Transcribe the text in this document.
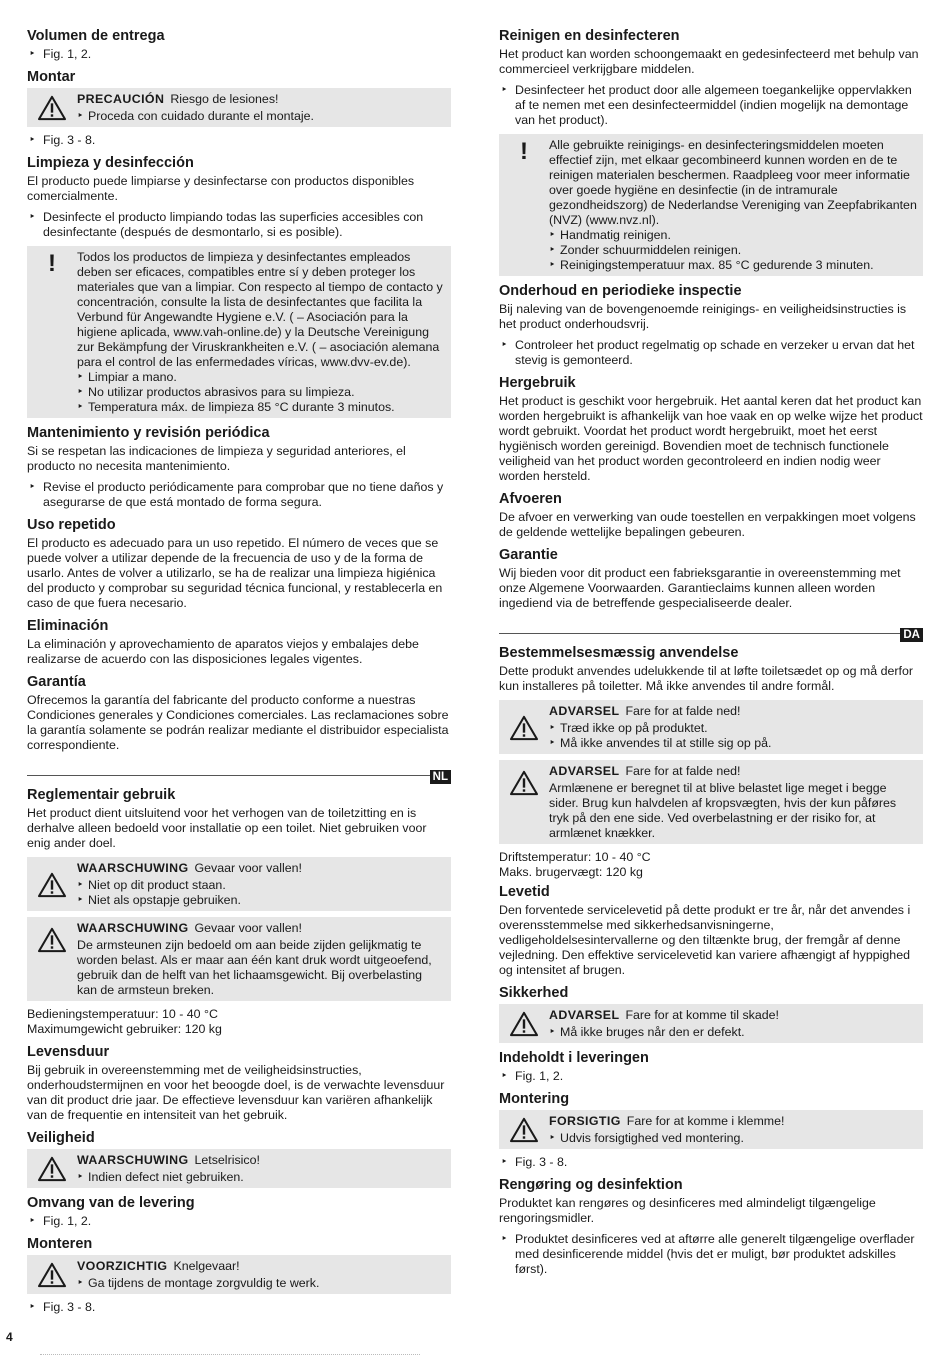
Volumen de entrega
‣ Fig. 1, 2.
Montar
PRECAUCIÓN Riesgo de lesiones!
‣ Proceda con cuidado durante el montaje.
‣ Fig. 3 - 8.
Limpieza y desinfección

El producto puede limpiarse y desinfectarse con productos disponibles comercialmente.

‣ Desinfecte el producto limpiando todas las superficies accesibles con desinfectante (después de desmontarlo, si es posible).
! Todos los productos de limpieza y desinfectantes empleados deben ser eficaces, compatibles entre sí y deben proteger los materiales que van a limpiar. Con respecto al tiempo de contacto y concentración, consulte la lista de desinfectantes que facilita la Verbund für Angewandte Hygiene e.V. ( – Asociación para la higiene aplicada, www.vah-online.de) y la Deutsche Vereinigung zur Bekämpfung der Viruskrankheiten e.V. ( – asociación alemana para el control de las enfermedades víricas, www.dvv-ev.de).

‣ Limpiar a mano.
‣ No utilizar productos abrasivos para su limpieza.
‣ Temperatura máx. de limpieza 85 °C durante 3 minutos.
Mantenimiento y revisión periódica

Si se respetan las indicaciones de limpieza y seguridad anteriores, el producto no necesita mantenimiento.

‣ Revise el producto periódicamente para comprobar que no tiene daños y asegurarse de que está montado de forma segura.
Uso repetido

El producto es adecuado para un uso repetido. El número de veces que se puede volver a utilizar depende de la frecuencia de uso y de la forma de usarlo. Antes de volver a utilizarlo, se ha de realizar una limpieza higiénica del producto y comprobar su seguridad técnica funcional, y restablecerla en caso de que fuera necesario.

Eliminación

La eliminación y aprovechamiento de aparatos viejos y embalajes debe realizarse de acuerdo con las disposiciones legales vigentes.

Garantía

Ofrecemos la garantía del fabricante del producto conforme a nuestras Condiciones generales y Condiciones comerciales. Las reclamaciones sobre la garantía solamente se podrán realizar mediante el distribuidor especialista correspondiente.

NL
Reglementair gebruik

Het product dient uitsluitend voor het verhogen van de toiletzitting en is derhalve alleen bedoeld voor installatie op een toilet. Niet gebruiken voor enig ander doel.

WAARSCHUWING Gevaar voor vallen!
‣ Niet op dit product staan.
‣ Niet als opstapje gebruiken.
WAARSCHUWING Gevaar voor vallen!

De armsteunen zijn bedoeld om aan beide zijden gelijkmatig te worden belast. Als er maar aan één kant druk wordt uitgeoefend, gebruik dan de helft van het lichaamsgewicht. Bij overbelasting kan de armsteun breken.

Bedieningstemperatuur: 10 - 40 °C

Maximumgewicht gebruiker: 120 kg

Levensduur

Bij gebruik in overeenstemming met de veiligheidsinstructies, onderhoudstermijnen en voor het beoogde doel, is de verwachte levensduur van dit product drie jaar. De effectieve levensduur kan variëren afhankelijk van de frequentie en intensiteit van het gebruik.

Veiligheid
WAARSCHUWING Letselrisico!
‣ Indien defect niet gebruiken.
Omvang van de levering
‣ Fig. 1, 2.
Monteren
VOORZICHTIG Knelgevaar!
‣ Ga tijdens de montage zorgvuldig te werk.
‣ Fig. 3 - 8.
Reinigen en desinfecteren

Het product kan worden schoongemaakt en gedesinfecteerd met behulp van commercieel verkrijgbare middelen.

‣ Desinfecteer het product door alle algemeen toegankelijke oppervlakken af te nemen met een desinfecteermiddel (indien mogelijk na demontage van het product).
! Alle gebruikte reinigings- en desinfecteringsmiddelen moeten effectief zijn, met elkaar gecombineerd kunnen worden en de te reinigen materialen beschermen. Raadpleeg voor meer informatie over goede hygiëne en desinfectie (in de intramurale gezondheidszorg) de Nederlandse Vereniging van Zeepfabrikanten (NVZ) (www.nvz.nl).

‣ Handmatig reinigen.
‣ Zonder schuurmiddelen reinigen.
‣ Reinigingstemperatuur max. 85 °C gedurende 3 minuten.
Onderhoud en periodieke inspectie

Bij naleving van de bovengenoemde reinigings- en veiligheidsinstructies is het product onderhoudsvrij.

‣ Controleer het product regelmatig op schade en verzeker u ervan dat het stevig is gemonteerd.
Hergebruik

Het product is geschikt voor hergebruik. Het aantal keren dat het product kan worden hergebruikt is afhankelijk van hoe vaak en op welke wijze het product wordt gebruikt. Voordat het product wordt hergebruikt, moet het eerst hygiënisch worden gereinigd. Bovendien moet de technisch functionele veiligheid van het product worden gecontroleerd en indien nodig weer worden hersteld.

Afvoeren

De afvoer en verwerking van oude toestellen en verpakkingen moet volgens de geldende wettelijke bepalingen gebeuren.

Garantie

Wij bieden voor dit product een fabrieksgarantie in overeenstemming met onze Algemene Voorwaarden. Garantieclaims kunnen alleen worden ingediend via de betreffende gespecialiseerde dealer.

DA
Bestemmelsesmæssig anvendelse

Dette produkt anvendes udelukkende til at løfte toiletsædet op og må derfor kun installeres på toiletter. Må ikke anvendes til andre formål.

ADVARSEL Fare for at falde ned!
‣ Træd ikke op på produktet.
‣ Må ikke anvendes til at stille sig op på.
ADVARSEL Fare for at falde ned!

Armlænene er beregnet til at blive belastet lige meget i begge sider. Brug kun halvdelen af kropsvægten, hvis der kun påføres tryk på den ene side. Ved overbelastning er der risiko for, at armlænet knækker.

Driftstemperatur: 10 - 40 °C

Maks. brugervægt: 120 kg

Levetid

Den forventede servicelevetid på dette produkt er tre år, når det anvendes i overensstemmelse med sikkerhedsanvisningerne, vedligeholdelsesintervallerne og den tiltænkte brug, der fremgår af denne vejledning. Den effektive servicelevetid kan variere afhængigt af hyppighed og intensitet af brugen.

Sikkerhed
ADVARSEL Fare for at komme til skade!
‣ Må ikke bruges når den er defekt.
Indeholdt i leveringen
‣ Fig. 1, 2.
Montering
FORSIGTIG Fare for at komme i klemme!
‣ Udvis forsigtighed ved montering.
‣ Fig. 3 - 8.
Rengøring og desinfektion

Produktet kan rengøres og desinficeres med almindeligt tilgængelige rengoringsmidler.

‣ Produktet desinficeres ved at aftørre alle generelt tilgængelige overflader med desinficerende middel (hvis det er muligt, bør produktet adskilles først).
4
